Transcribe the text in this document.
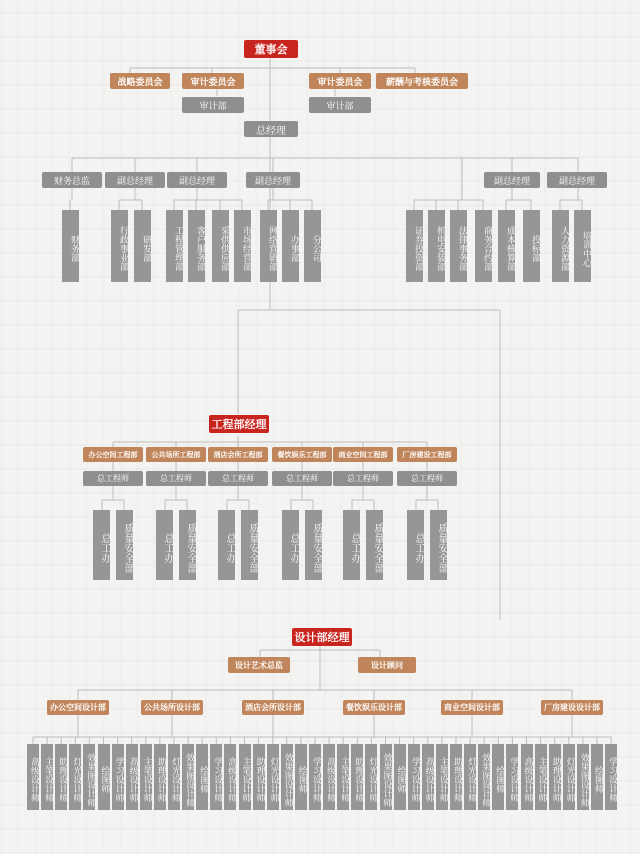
董事会
战略委员会	审计委员会	审计委员会	薪酬与考核委员会
审计部	审计部
总经理
财务总监	副总经理	副总经理	副总经理	副总经理	副总经理
财务部	行政事业部	研发部	工程管理部	客户服务部	采供供应部	市场经营部	网络营销部	办事部	分公司	证券投资部	机电安装部	法律事务部	商务合约部	成本核算部	投标部	人力资源部	培训中心
工程部经理
办公空间工程部
总工程师
总工办	质量安全部
公共场所工程部
总工程师
总工办	质量安全部
酒店会所工程部
总工程师
总工办	质量安全部
餐饮娱乐工程部
总工程师
总工办	质量安全部
商业空间工程部
总工程师
总工办	质量安全部
厂房建设工程部
总工程师
总工办	质量安全部
设计部经理
设计艺术总监	设计顾问
办公空间设计部	公共场所设计部	酒店会所设计部	餐饮娱乐设计部	商业空间设计部	厂房建设设计部
高级设计师 主笔设计师 助理设计师 灯光设计师 效果图设计师 绘图师 学习设计师 高级设计师 主笔设计师 助理设计师 灯光设计师 效果图设计师 绘图师 学习设计师 高级设计师 主笔设计师 助理设计师 灯光设计师 效果图设计师 绘图师 学习设计师 高级设计师 主笔设计师 助理设计师 灯光设计师 效果图设计师 绘图师 学习设计师 高级设计师 主笔设计师 助理设计师 灯光设计师 效果图设计师 绘图师 学习设计师 高级设计师 主笔设计师 助理设计师 灯光设计师 效果图设计师 绘图师 学习设计师
